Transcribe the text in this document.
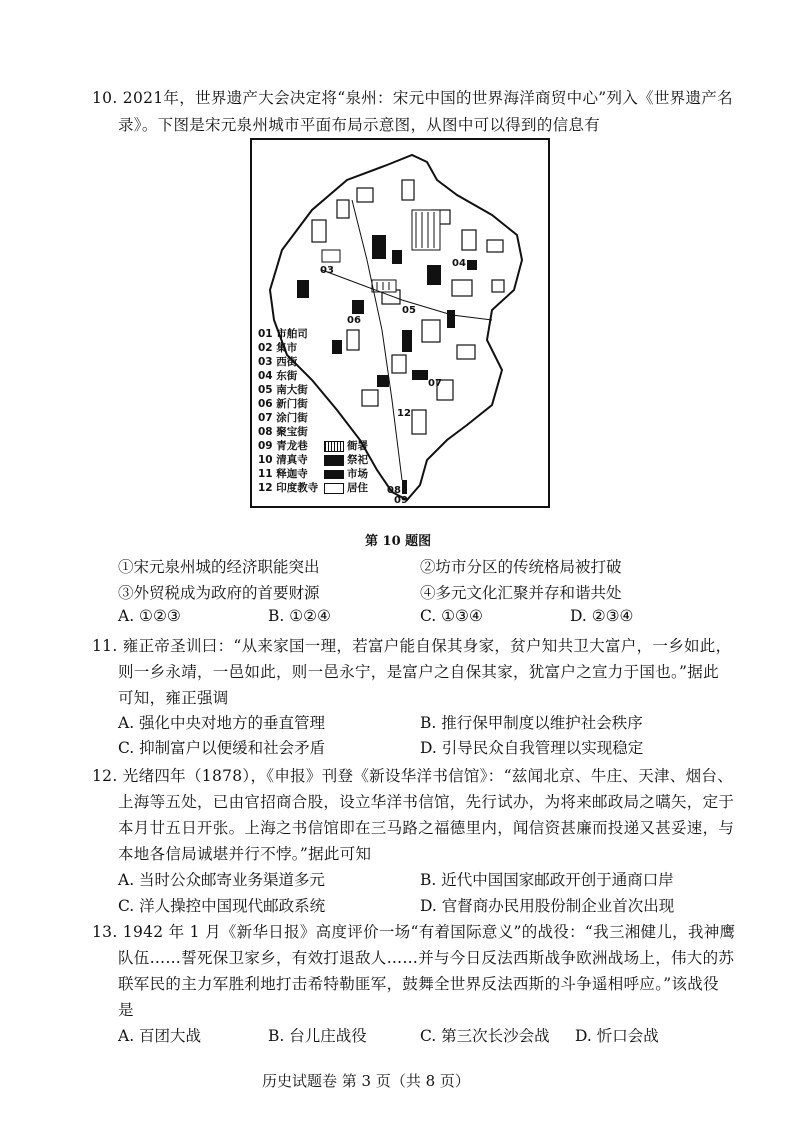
10. 2021年，世界遗产大会决定将“泉州：宋元中国的世界海洋商贸中心”列入《世界遗产名
录》。下图是宋元泉州城市平面布局示意图，从图中可以得到的信息有
03
04
05
06
07
08
09
12
01 市舶司
02 集市
03 西街
04 东街
05 南大街
06 新门街
07 涂门街
08 聚宝街
09 青龙巷
10 清真寺
11 释迦寺
12 印度教寺
衙署
祭祀
市场
居住
第 10 题图
①宋元泉州城的经济职能突出	②坊市分区的传统格局被打破
③外贸税成为政府的首要财源	④多元文化汇聚并存和谐共处
A. ①②③	B. ①②④	C. ①③④	D. ②③④
11. 雍正帝圣训曰：“从来家国一理，若富户能自保其身家，贫户知共卫大富户，一乡如此，
则一乡永靖，一邑如此，则一邑永宁，是富户之自保其家，犹富户之宣力于国也。”据此
可知，雍正强调
A. 强化中央对地方的垂直管理	B. 推行保甲制度以维护社会秩序
C. 抑制富户以便缓和社会矛盾	D. 引导民众自我管理以实现稳定
12. 光绪四年（1878），《申报》刊登《新设华洋书信馆》：“兹闻北京、牛庄、天津、烟台、
上海等五处，已由官招商合股，设立华洋书信馆，先行试办，为将来邮政局之嚆矢，定于
本月廿五日开张。上海之书信馆即在三马路之福德里内，闻信资甚廉而投递又甚妥速，与
本地各信局诚堪并行不悖。”据此可知
A. 当时公众邮寄业务渠道多元	B. 近代中国国家邮政开创于通商口岸
C. 洋人操控中国现代邮政系统	D. 官督商办民用股份制企业首次出现
13. 1942 年 1 月《新华日报》高度评价一场“有着国际意义”的战役：“我三湘健儿，我神鹰
队伍……誓死保卫家乡，有效打退敌人……并与今日反法西斯战争欧洲战场上，伟大的苏
联军民的主力军胜利地打击希特勒匪军，鼓舞全世界反法西斯的斗争遥相呼应。”该战役
是
A. 百团大战	B. 台儿庄战役	C. 第三次长沙会战 D. 忻口会战
历史试题卷 第 3 页（共 8 页）
